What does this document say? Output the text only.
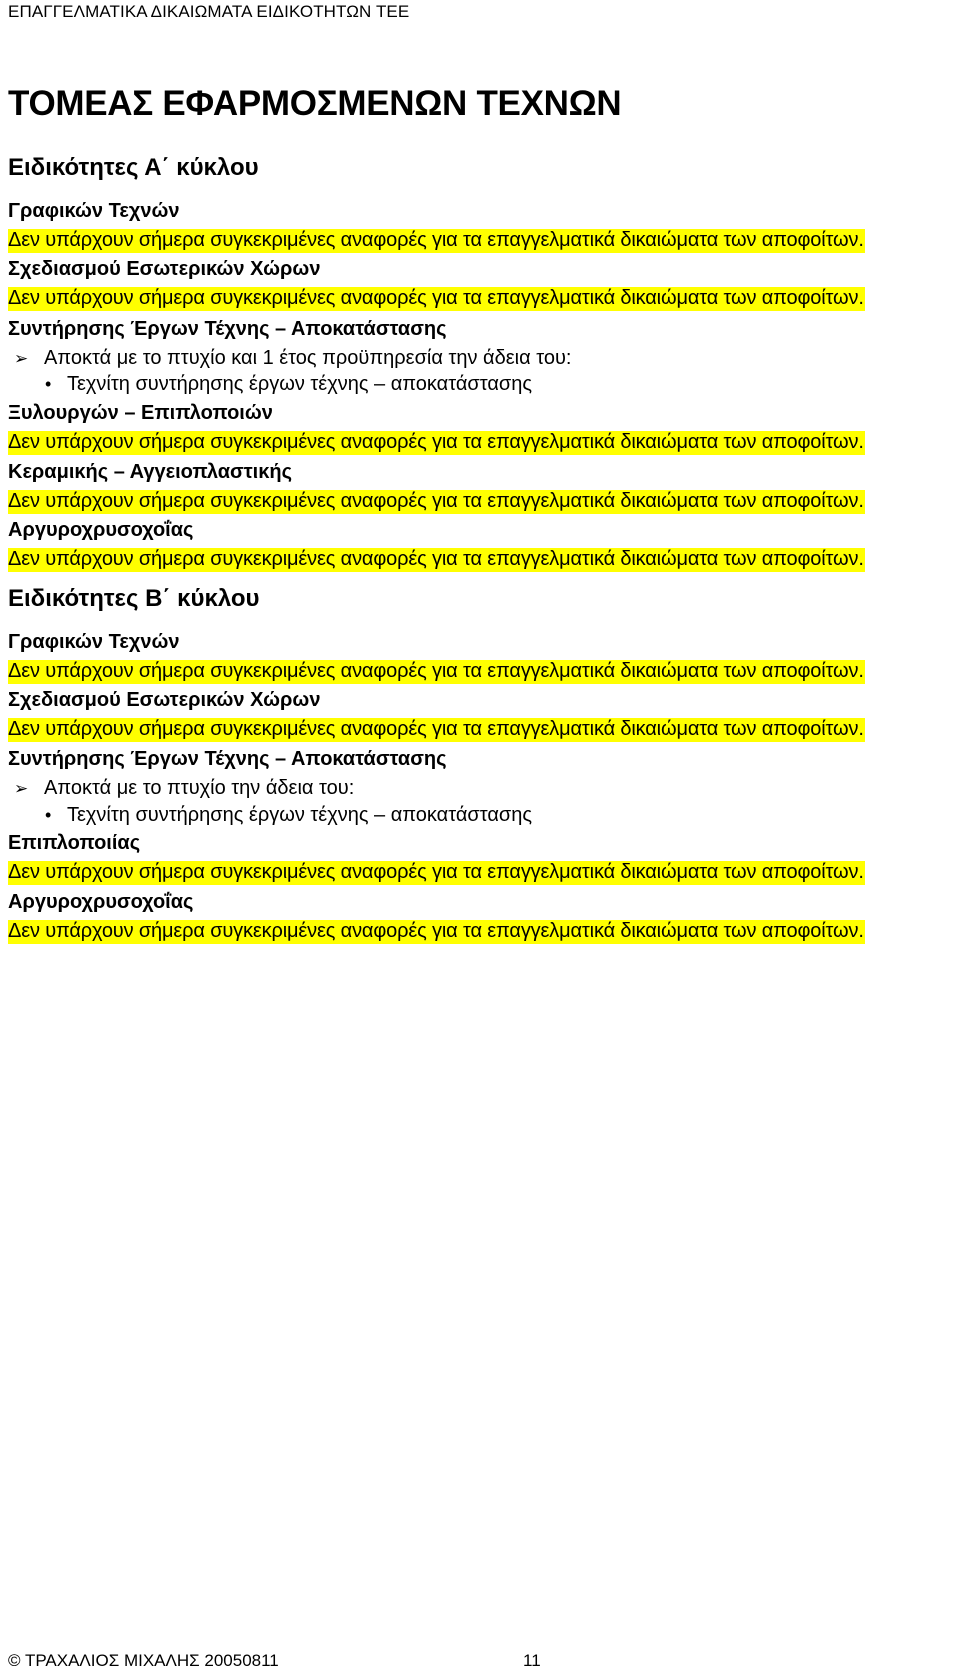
ΕΠΑΓΓΕΛΜΑΤΙΚΑ ΔΙΚΑΙΩΜΑΤΑ ΕΙΔΙΚΟΤΗΤΩΝ ΤΕΕ
ΤΟΜΕΑΣ ΕΦΑΡΜΟΣΜΕΝΩΝ ΤΕΧΝΩΝ
Ειδικότητες Α΄ κύκλου
Γραφικών Τεχνών
Δεν υπάρχουν σήμερα συγκεκριμένες αναφορές για τα επαγγελματικά δικαιώματα των αποφοίτων.
Σχεδιασμού Εσωτερικών Χώρων
Δεν υπάρχουν σήμερα συγκεκριμένες αναφορές για τα επαγγελματικά δικαιώματα των αποφοίτων.
Συντήρησης Έργων Τέχνης – Αποκατάστασης
➢ Αποκτά με το πτυχίο και 1 έτος προϋπηρεσία την άδεια του:
• Τεχνίτη συντήρησης έργων τέχνης – αποκατάστασης
Ξυλουργών – Επιπλοποιών
Δεν υπάρχουν σήμερα συγκεκριμένες αναφορές για τα επαγγελματικά δικαιώματα των αποφοίτων.
Κεραμικής – Αγγειοπλαστικής
Δεν υπάρχουν σήμερα συγκεκριμένες αναφορές για τα επαγγελματικά δικαιώματα των αποφοίτων.
Αργυροχρυσοχοΐας
Δεν υπάρχουν σήμερα συγκεκριμένες αναφορές για τα επαγγελματικά δικαιώματα των αποφοίτων.
Ειδικότητες Β΄ κύκλου
Γραφικών Τεχνών
Δεν υπάρχουν σήμερα συγκεκριμένες αναφορές για τα επαγγελματικά δικαιώματα των αποφοίτων.
Σχεδιασμού Εσωτερικών Χώρων
Δεν υπάρχουν σήμερα συγκεκριμένες αναφορές για τα επαγγελματικά δικαιώματα των αποφοίτων.
Συντήρησης Έργων Τέχνης – Αποκατάστασης
➢ Αποκτά με το πτυχίο την άδεια του:
• Τεχνίτη συντήρησης έργων τέχνης – αποκατάστασης
Επιπλοποιίας
Δεν υπάρχουν σήμερα συγκεκριμένες αναφορές για τα επαγγελματικά δικαιώματα των αποφοίτων.
Αργυροχρυσοχοΐας
Δεν υπάρχουν σήμερα συγκεκριμένες αναφορές για τα επαγγελματικά δικαιώματα των αποφοίτων.
© ΤΡΑΧΑΛΙΟΣ ΜΙΧΑΛΗΣ 20050811	11
